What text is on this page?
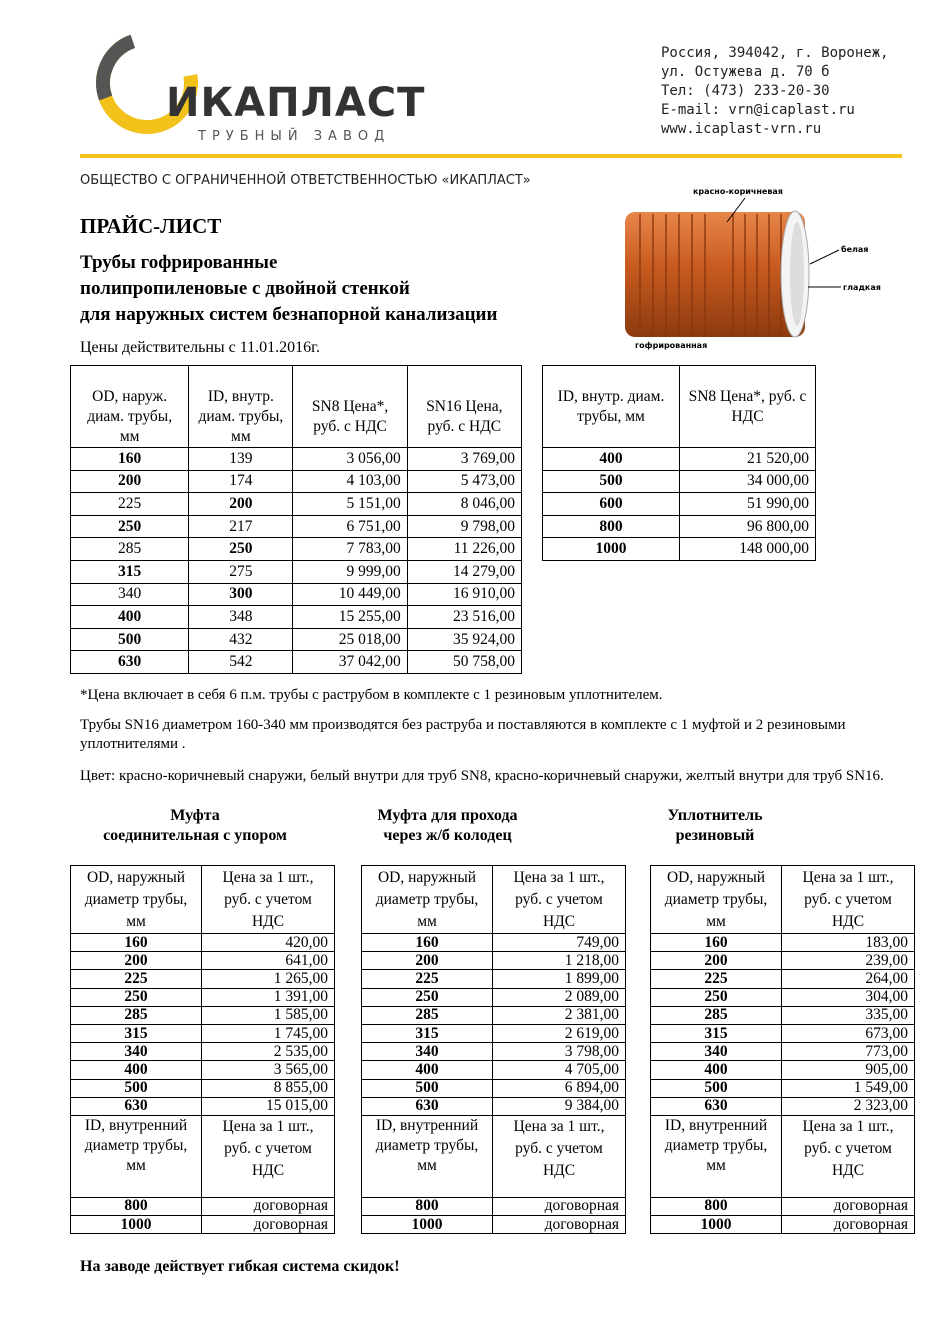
ИКАПЛАСТ
ТРУБНЫЙ ЗАВОД
Россия, 394042, г. Воронеж,
ул. Остужева д. 70 б
Тел: (473) 233-20-30
E-mail: vrn@icaplast.ru
www.icaplast-vrn.ru
ОБЩЕСТВО С ОГРАНИЧЕННОЙ ОТВЕТСТВЕННОСТЬЮ «ИКАПЛАСТ»
красно-коричневая
белая
гладкая
гофрированная
ПРАЙС-ЛИСТ
Трубы гофрированные
полипропиленовые с двойной стенкой
для наружных систем безнапорной канализации
Цены действительны с 11.01.2016г.
OD, наруж. диам. трубы, мм	ID, внутр. диам. трубы, мм	SN8 Цена*, руб. с НДС	SN16 Цена, руб. с НДС
160	139	3 056,00	3 769,00
200	174	4 103,00	5 473,00
225	200	5 151,00	8 046,00
250	217	6 751,00	9 798,00
285	250	7 783,00	11 226,00
315	275	9 999,00	14 279,00
340	300	10 449,00	16 910,00
400	348	15 255,00	23 516,00
500	432	25 018,00	35 924,00
630	542	37 042,00	50 758,00
ID, внутр. диам. трубы, мм	SN8 Цена*, руб. с НДС
400	21 520,00
500	34 000,00
600	51 990,00
800	96 800,00
1000	148 000,00
*Цена включает в себя 6 п.м. трубы с раструбом в комплекте с 1 резиновым уплотнителем.
Трубы SN16 диаметром 160-340 мм производятся без раструба и поставляются в комплекте с 1 муфтой и 2 резиновыми уплотнителями .
Цвет: красно-коричневый снаружи, белый внутри для труб SN8, красно-коричневый снаружи, желтый внутри для труб SN16.
Муфта
соединительная с упором
OD, наружный диаметр трубы, мм	Цена за 1 шт., руб. с учетом НДС
160	420,00
200	641,00
225	1 265,00
250	1 391,00
285	1 585,00
315	1 745,00
340	2 535,00
400	3 565,00
500	8 855,00
630	15 015,00
ID, внутренний диаметр трубы, мм	Цена за 1 шт., руб. с учетом НДС
800	договорная
1000	договорная
Муфта для прохода
через ж/б колодец
OD, наружный диаметр трубы, мм	Цена за 1 шт., руб. с учетом НДС
160	749,00
200	1 218,00
225	1 899,00
250	2 089,00
285	2 381,00
315	2 619,00
340	3 798,00
400	4 705,00
500	6 894,00
630	9 384,00
ID, внутренний диаметр трубы, мм	Цена за 1 шт., руб. с учетом НДС
800	договорная
1000	договорная
Уплотнитель
резиновый
OD, наружный диаметр трубы, мм	Цена за 1 шт., руб. с учетом НДС
160	183,00
200	239,00
225	264,00
250	304,00
285	335,00
315	673,00
340	773,00
400	905,00
500	1 549,00
630	2 323,00
ID, внутренний диаметр трубы, мм	Цена за 1 шт., руб. с учетом НДС
800	договорная
1000	договорная
На заводе действует гибкая система скидок!
